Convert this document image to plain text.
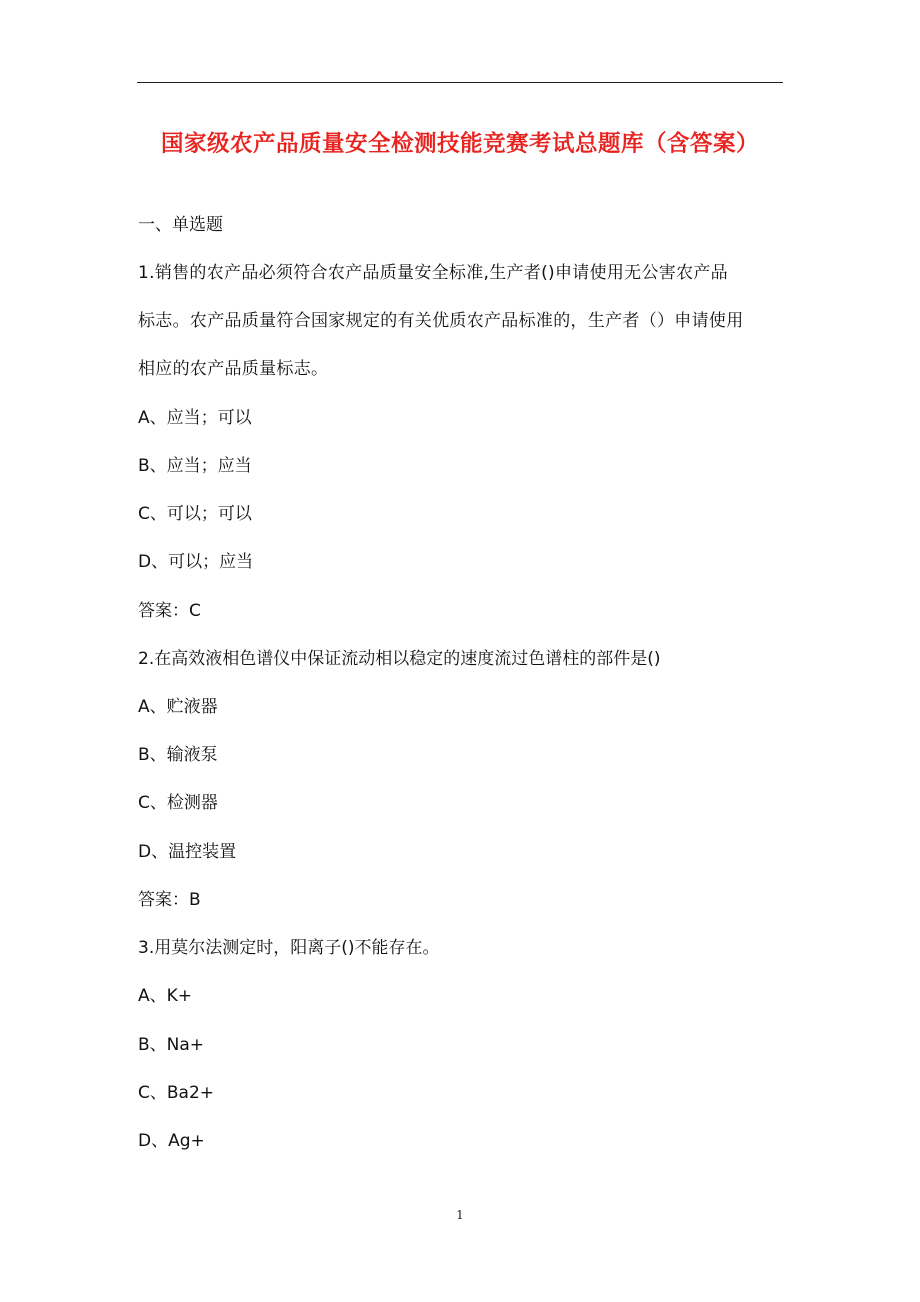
国家级农产品质量安全检测技能竞赛考试总题库（含答案）
一、单选题
1.销售的农产品必须符合农产品质量安全标准,生产者()申请使用无公害农产品
标志。农产品质量符合国家规定的有关优质农产品标准的，生产者（）申请使用
相应的农产品质量标志。
A、应当；可以
B、应当；应当
C、可以；可以
D、可以；应当
答案：C
2.在高效液相色谱仪中保证流动相以稳定的速度流过色谱柱的部件是()
A、贮液器
B、输液泵
C、检测器
D、温控装置
答案：B
3.用莫尔法测定时，阳离子()不能存在。
A、K+
B、Na+
C、Ba2+
D、Ag+
1
